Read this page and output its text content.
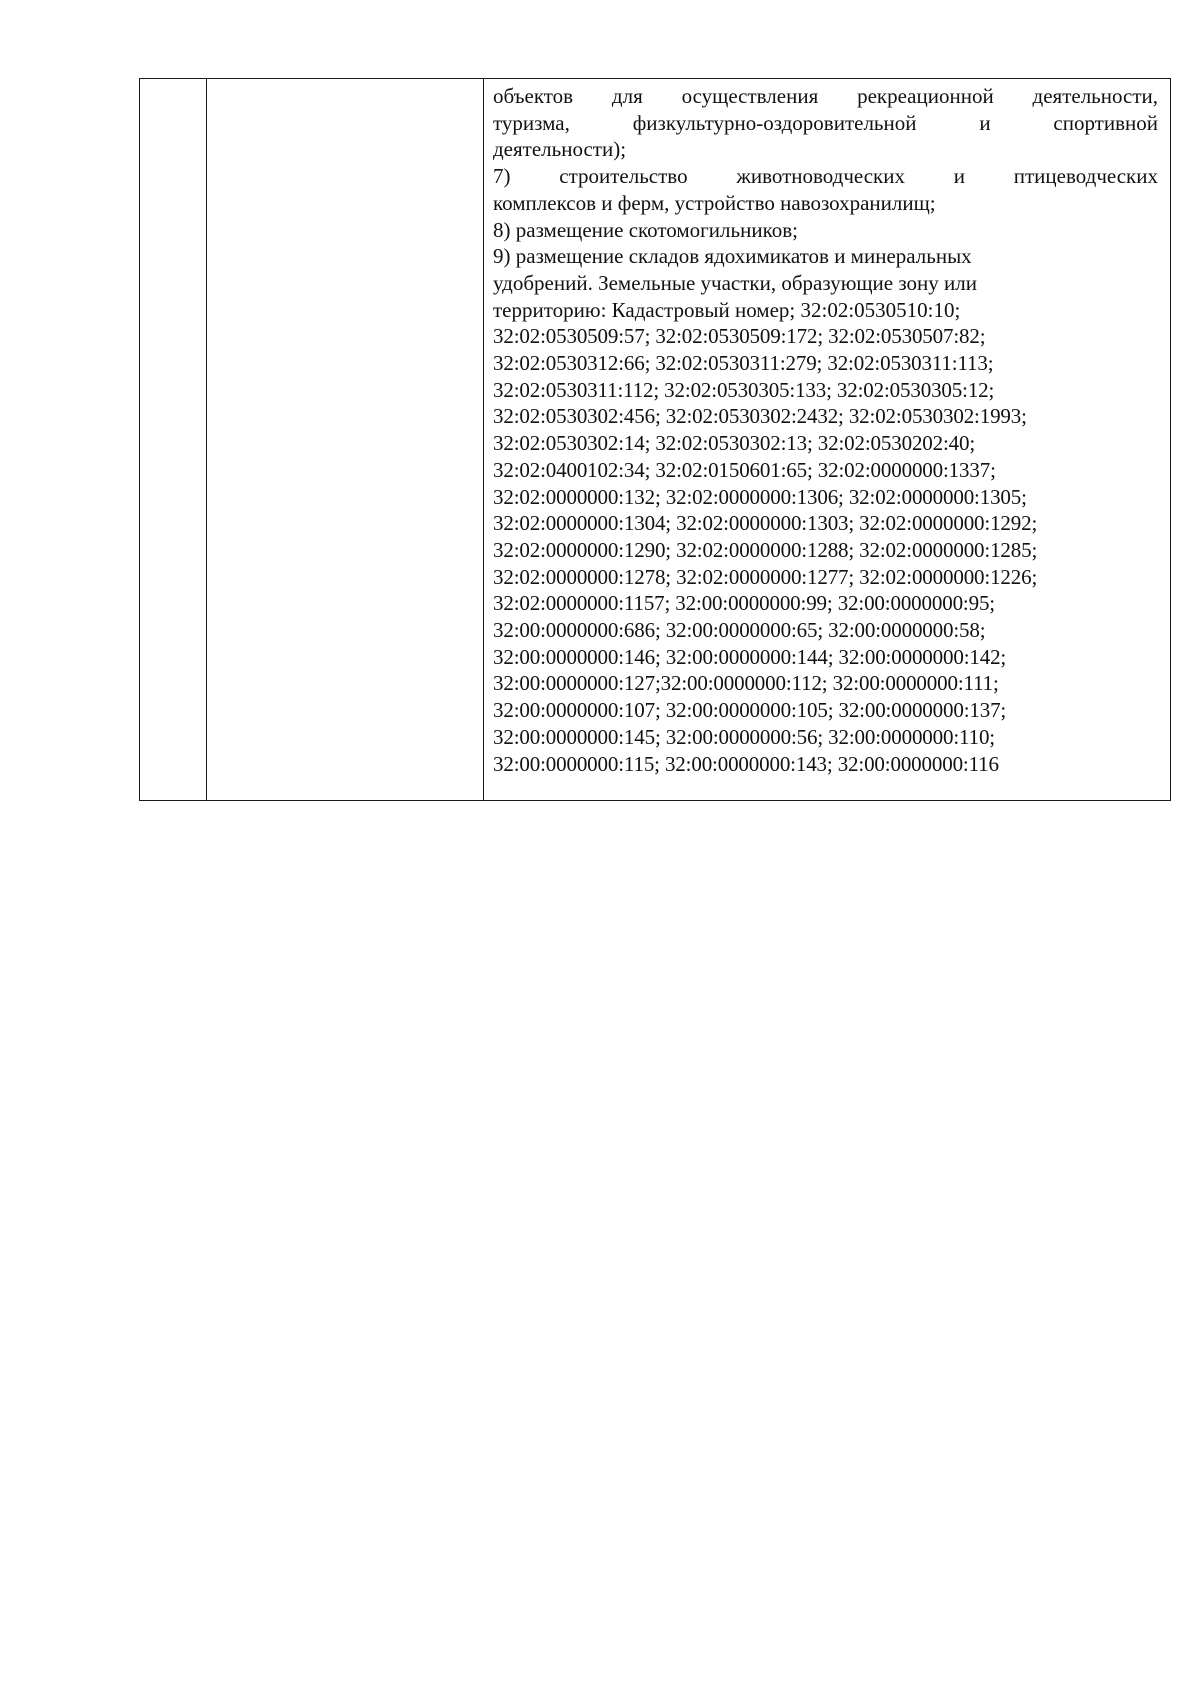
объектов для осуществления рекреационной деятельности,
туризма, физкультурно-оздоровительной и спортивной
деятельности);
7) строительство животноводческих и птицеводческих
комплексов и ферм, устройство навозохранилищ;
8) размещение скотомогильников;
9) размещение складов ядохимикатов и минеральных
удобрений. Земельные участки, образующие зону или
территорию: Кадастровый номер; 32:02:0530510:10;
32:02:0530509:57; 32:02:0530509:172; 32:02:0530507:82;
32:02:0530312:66; 32:02:0530311:279; 32:02:0530311:113;
32:02:0530311:112; 32:02:0530305:133; 32:02:0530305:12;
32:02:0530302:456; 32:02:0530302:2432; 32:02:0530302:1993;
32:02:0530302:14; 32:02:0530302:13; 32:02:0530202:40;
32:02:0400102:34; 32:02:0150601:65; 32:02:0000000:1337;
32:02:0000000:132; 32:02:0000000:1306; 32:02:0000000:1305;
32:02:0000000:1304; 32:02:0000000:1303; 32:02:0000000:1292;
32:02:0000000:1290; 32:02:0000000:1288; 32:02:0000000:1285;
32:02:0000000:1278; 32:02:0000000:1277; 32:02:0000000:1226;
32:02:0000000:1157; 32:00:0000000:99; 32:00:0000000:95;
32:00:0000000:686; 32:00:0000000:65; 32:00:0000000:58;
32:00:0000000:146; 32:00:0000000:144; 32:00:0000000:142;
32:00:0000000:127;32:00:0000000:112; 32:00:0000000:111;
32:00:0000000:107; 32:00:0000000:105; 32:00:0000000:137;
32:00:0000000:145; 32:00:0000000:56; 32:00:0000000:110;
32:00:0000000:115; 32:00:0000000:143; 32:00:0000000:116
